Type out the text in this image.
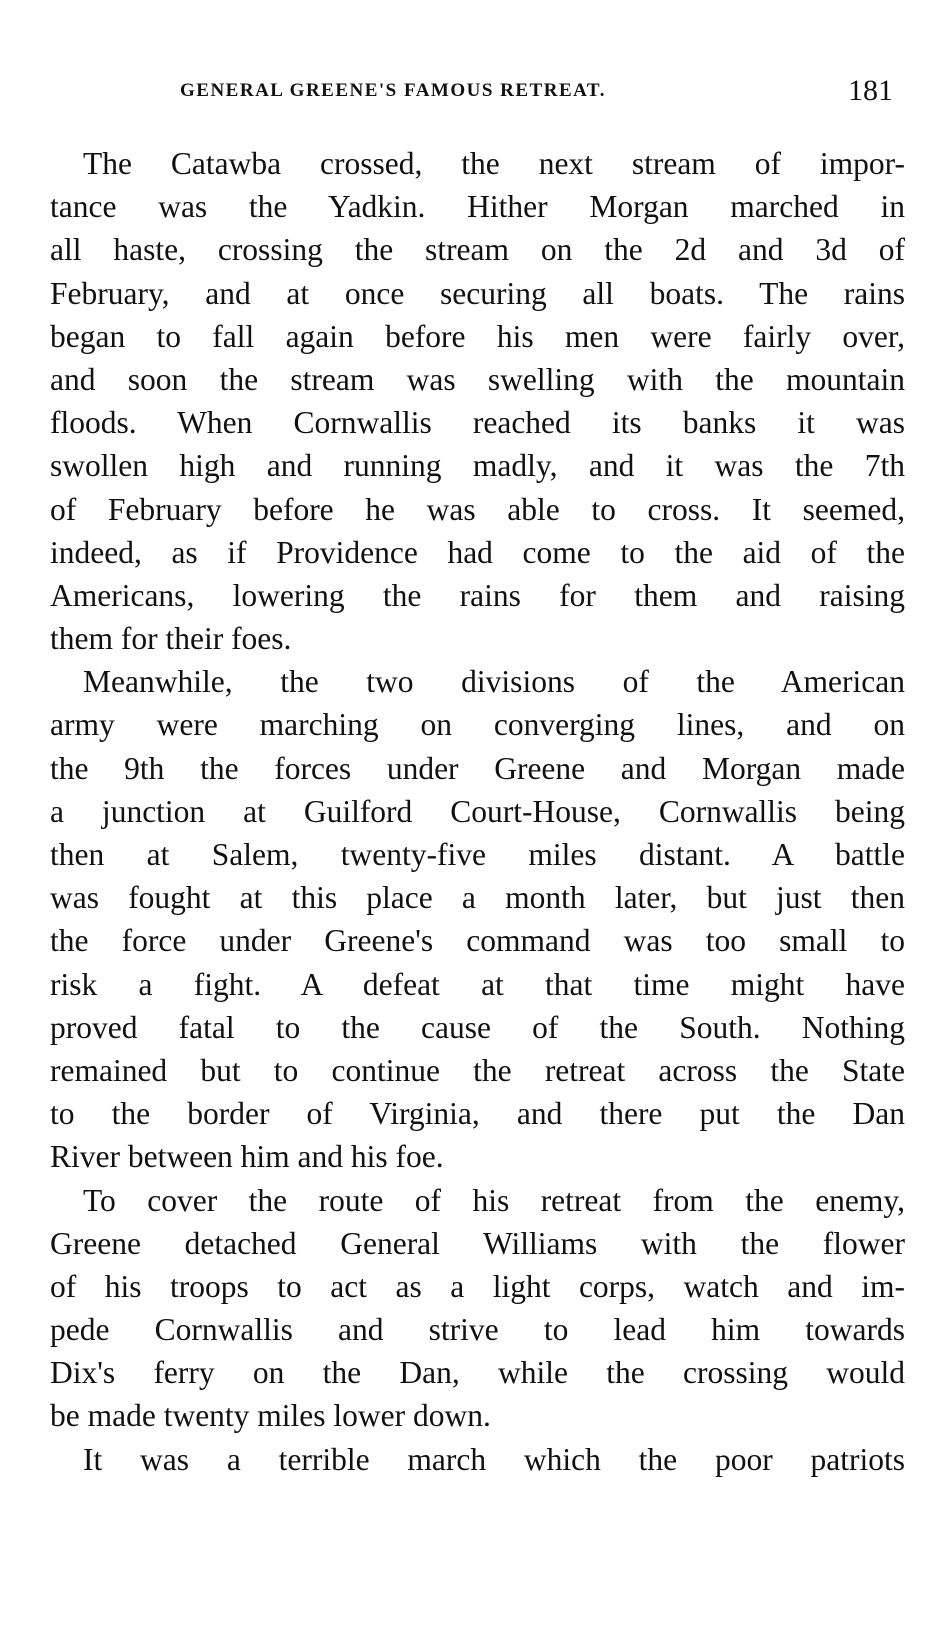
GENERAL GREENE'S FAMOUS RETREAT.	181
The Catawba crossed, the next stream of impor-
tance was the Yadkin. Hither Morgan marched in
all haste, crossing the stream on the 2d and 3d of
February, and at once securing all boats. The rains
began to fall again before his men were fairly over,
and soon the stream was swelling with the mountain
floods. When Cornwallis reached its banks it was
swollen high and running madly, and it was the 7th
of February before he was able to cross. It seemed,
indeed, as if Providence had come to the aid of the
Americans, lowering the rains for them and raising
them for their foes.
Meanwhile, the two divisions of the American
army were marching on converging lines, and on
the 9th the forces under Greene and Morgan made
a junction at Guilford Court-House, Cornwallis being
then at Salem, twenty-five miles distant. A battle
was fought at this place a month later, but just then
the force under Greene's command was too small to
risk a fight. A defeat at that time might have
proved fatal to the cause of the South. Nothing
remained but to continue the retreat across the State
to the border of Virginia, and there put the Dan
River between him and his foe.
To cover the route of his retreat from the enemy,
Greene detached General Williams with the flower
of his troops to act as a light corps, watch and im-
pede Cornwallis and strive to lead him towards
Dix's ferry on the Dan, while the crossing would
be made twenty miles lower down.
It was a terrible march which the poor patriots
